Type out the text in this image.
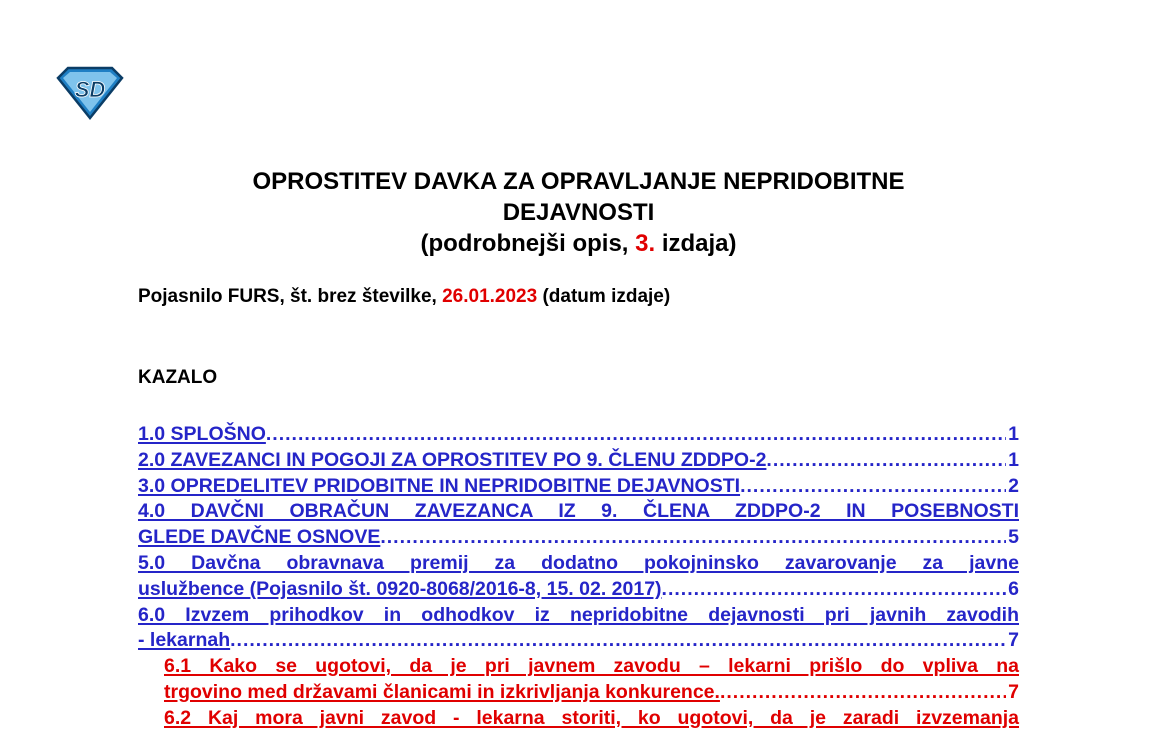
SD
OPROSTITEV DAVKA ZA OPRAVLJANJE NEPRIDOBITNE
DEJAVNOSTI
(podrobnejši opis, 3. izdaja)
Pojasnilo FURS, št. brez številke, 26.01.2023 (datum izdaje)
KAZALO
1.0 SPLOŠNO .....	1
2.0 ZAVEZANCI IN POGOJI ZA OPROSTITEV PO 9. ČLENU ZDDPO-2 .....	1
3.0 OPREDELITEV PRIDOBITNE IN NEPRIDOBITNE DEJAVNOSTI .....	2
4.0 DAVČNI OBRAČUN ZAVEZANCA IZ 9. ČLENA ZDDPO-2 IN POSEBNOSTI
GLEDE DAVČNE OSNOVE .....	5
5.0 Davčna obravnava premij za dodatno pokojninsko zavarovanje za javne
uslužbence (Pojasnilo št. 0920-8068/2016-8, 15. 02. 2017) .....	6
6.0 Izvzem prihodkov in odhodkov iz nepridobitne dejavnosti pri javnih zavodih
- lekarnah .....	7
6.1 Kako se ugotovi, da je pri javnem zavodu – lekarni prišlo do vpliva na
trgovino med državami članicami in izkrivljanja konkurence. .....	7
6.2 Kaj mora javni zavod - lekarna storiti, ko ugotovi, da je zaradi izvzemanja
